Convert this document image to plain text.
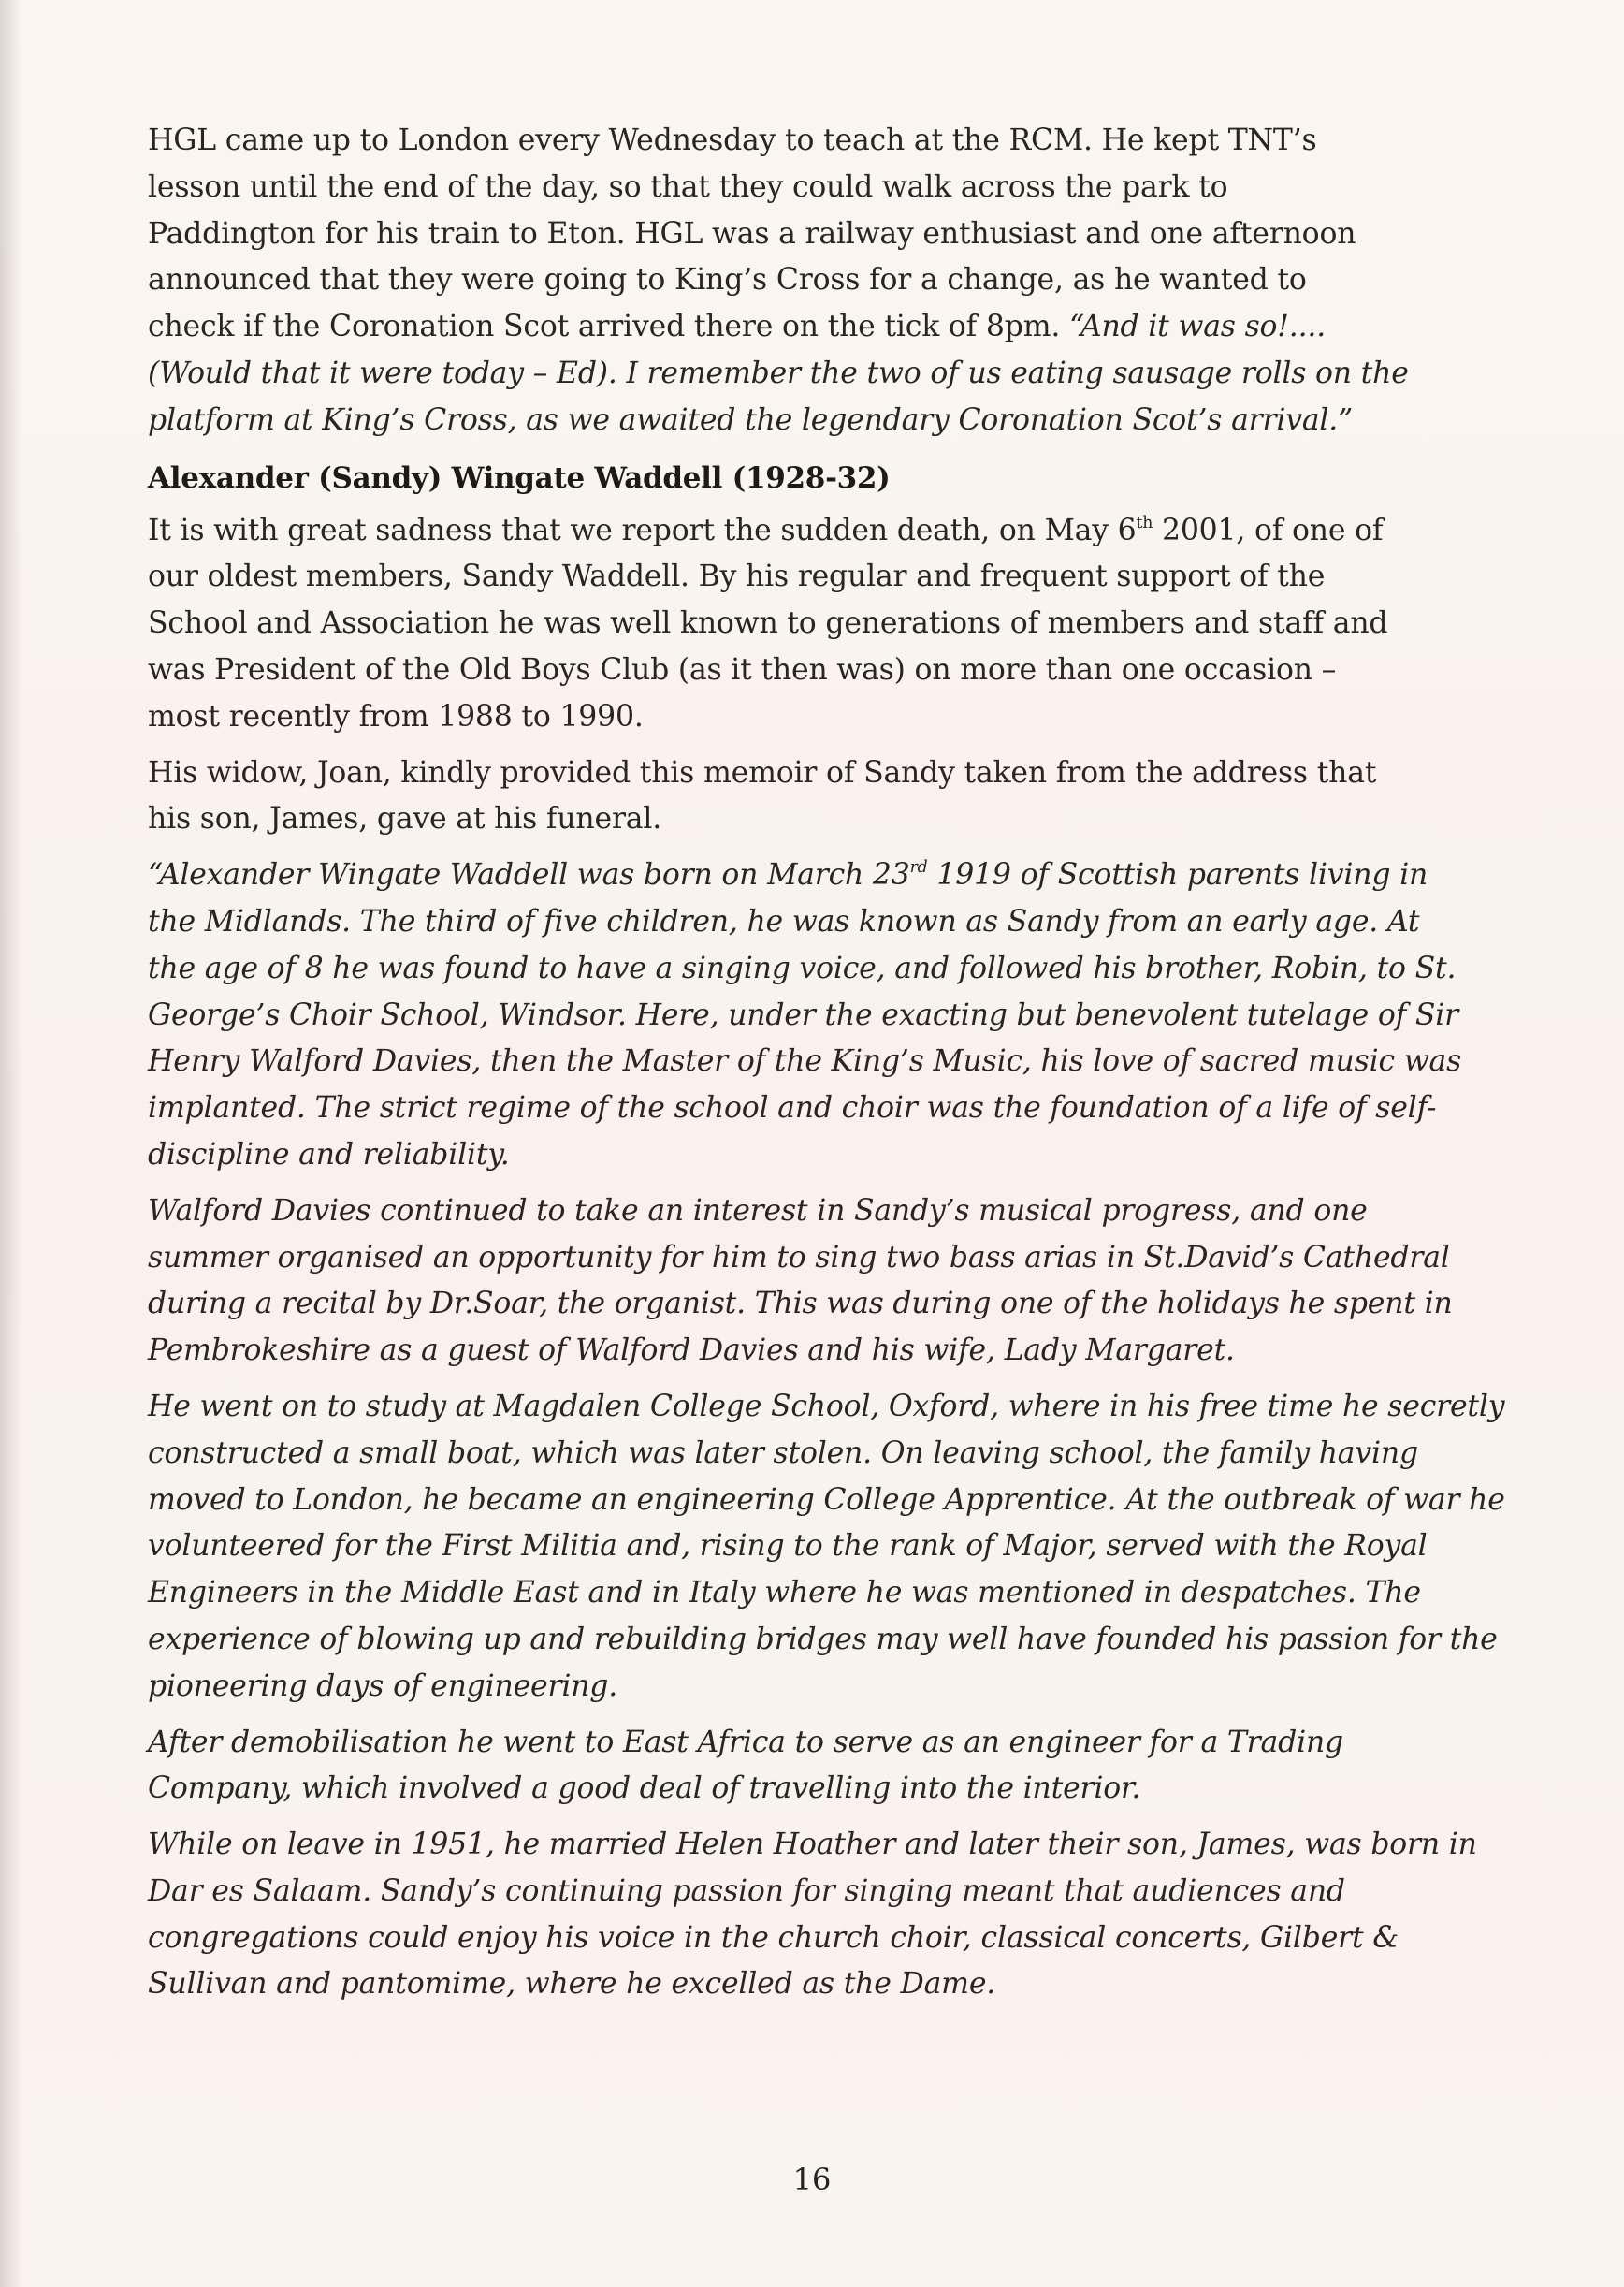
HGL came up to London every Wednesday to teach at the RCM. He kept TNT’s
lesson until the end of the day, so that they could walk across the park to
Paddington for his train to Eton. HGL was a railway enthusiast and one afternoon
announced that they were going to King’s Cross for a change, as he wanted to
check if the Coronation Scot arrived there on the tick of 8pm. “And it was so!....
(Would that it were today – Ed). I remember the two of us eating sausage rolls on the
platform at King’s Cross, as we awaited the legendary Coronation Scot’s arrival.”
Alexander (Sandy) Wingate Waddell (1928-32)
It is with great sadness that we report the sudden death, on May 6th 2001, of one of
our oldest members, Sandy Waddell. By his regular and frequent support of the
School and Association he was well known to generations of members and staff and
was President of the Old Boys Club (as it then was) on more than one occasion –
most recently from 1988 to 1990.
His widow, Joan, kindly provided this memoir of Sandy taken from the address that
his son, James, gave at his funeral.
“Alexander Wingate Waddell was born on March 23rd 1919 of Scottish parents living in
the Midlands. The third of five children, he was known as Sandy from an early age. At
the age of 8 he was found to have a singing voice, and followed his brother, Robin, to St.
George’s Choir School, Windsor. Here, under the exacting but benevolent tutelage of Sir
Henry Walford Davies, then the Master of the King’s Music, his love of sacred music was
implanted. The strict regime of the school and choir was the foundation of a life of self-
discipline and reliability.
Walford Davies continued to take an interest in Sandy’s musical progress, and one
summer organised an opportunity for him to sing two bass arias in St.David’s Cathedral
during a recital by Dr.Soar, the organist. This was during one of the holidays he spent in
Pembrokeshire as a guest of Walford Davies and his wife, Lady Margaret.
He went on to study at Magdalen College School, Oxford, where in his free time he secretly
constructed a small boat, which was later stolen. On leaving school, the family having
moved to London, he became an engineering College Apprentice. At the outbreak of war he
volunteered for the First Militia and, rising to the rank of Major, served with the Royal
Engineers in the Middle East and in Italy where he was mentioned in despatches. The
experience of blowing up and rebuilding bridges may well have founded his passion for the
pioneering days of engineering.
After demobilisation he went to East Africa to serve as an engineer for a Trading
Company, which involved a good deal of travelling into the interior.
While on leave in 1951, he married Helen Hoather and later their son, James, was born in
Dar es Salaam. Sandy’s continuing passion for singing meant that audiences and
congregations could enjoy his voice in the church choir, classical concerts, Gilbert &
Sullivan and pantomime, where he excelled as the Dame.
16
